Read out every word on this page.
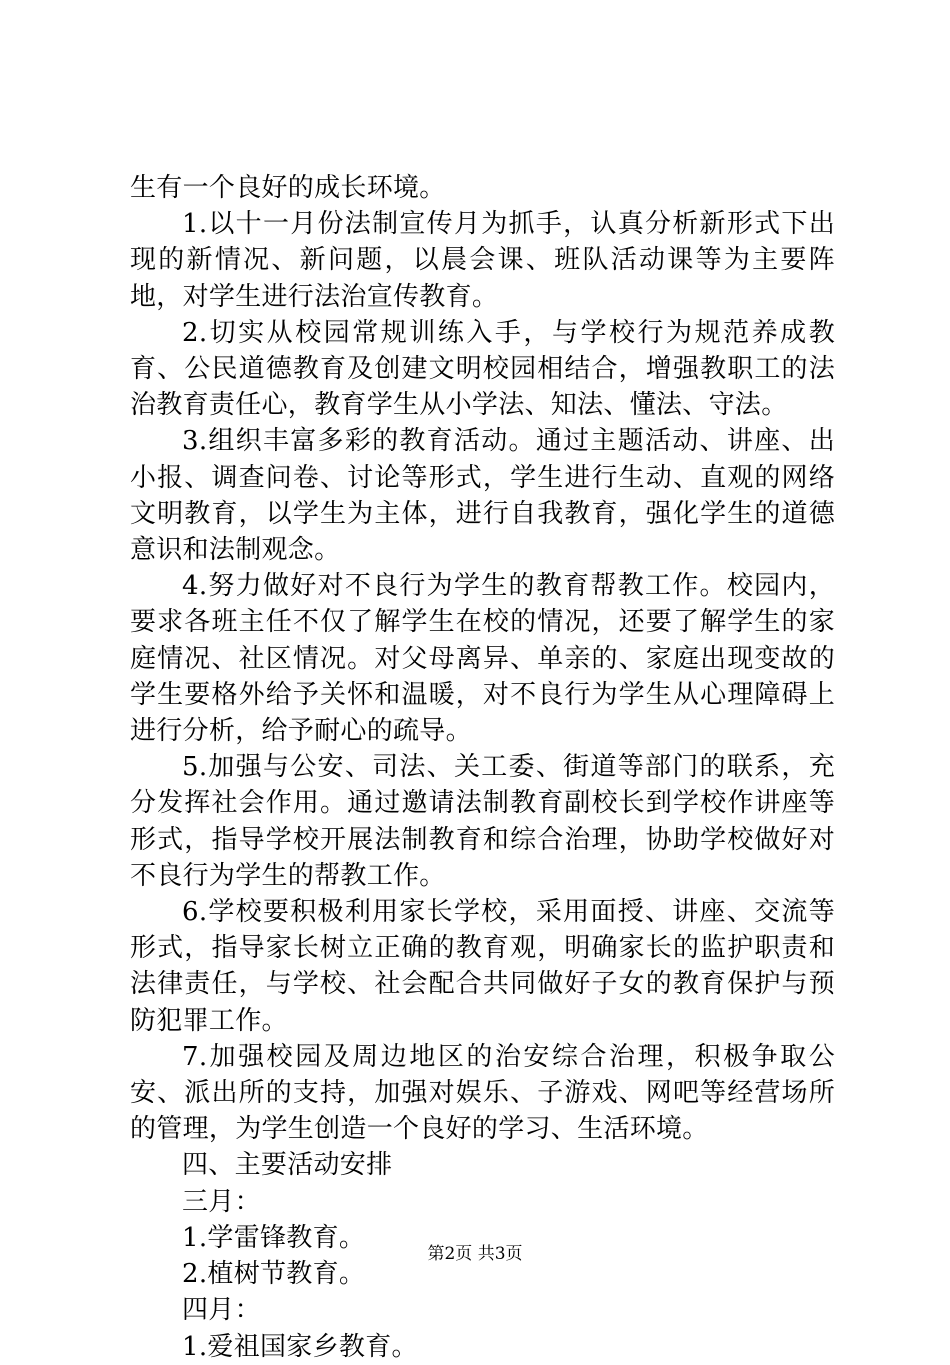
生有一个良好的成长环境。

1.以十一月份法制宣传月为抓手，认真分析新形式下出现的新情况、新问题，以晨会课、班队活动课等为主要阵地，对学生进行法治宣传教育。

2.切实从校园常规训练入手，与学校行为规范养成教育、公民道德教育及创建文明校园相结合，增强教职工的法治教育责任心，教育学生从小学法、知法、懂法、守法。

3.组织丰富多彩的教育活动。通过主题活动、讲座、出小报、调查问卷、讨论等形式，学生进行生动、直观的网络文明教育，以学生为主体，进行自我教育，强化学生的道德意识和法制观念。

4.努力做好对不良行为学生的教育帮教工作。校园内，要求各班主任不仅了解学生在校的情况，还要了解学生的家庭情况、社区情况。对父母离异、单亲的、家庭出现变故的学生要格外给予关怀和温暖，对不良行为学生从心理障碍上进行分析，给予耐心的疏导。

5.加强与公安、司法、关工委、街道等部门的联系，充分发挥社会作用。通过邀请法制教育副校长到学校作讲座等形式，指导学校开展法制教育和综合治理，协助学校做好对不良行为学生的帮教工作。

6.学校要积极利用家长学校，采用面授、讲座、交流等形式，指导家长树立正确的教育观，明确家长的监护职责和法律责任，与学校、社会配合共同做好子女的教育保护与预防犯罪工作。

7.加强校园及周边地区的治安综合治理，积极争取公安、派出所的支持，加强对娱乐、子游戏、网吧等经营场所的管理，为学生创造一个良好的学习、生活环境。

四、主要活动安排

三月：

1.学雷锋教育。

2.植树节教育。

四月：

1.爱祖国家乡教育。

第2页 共3页
